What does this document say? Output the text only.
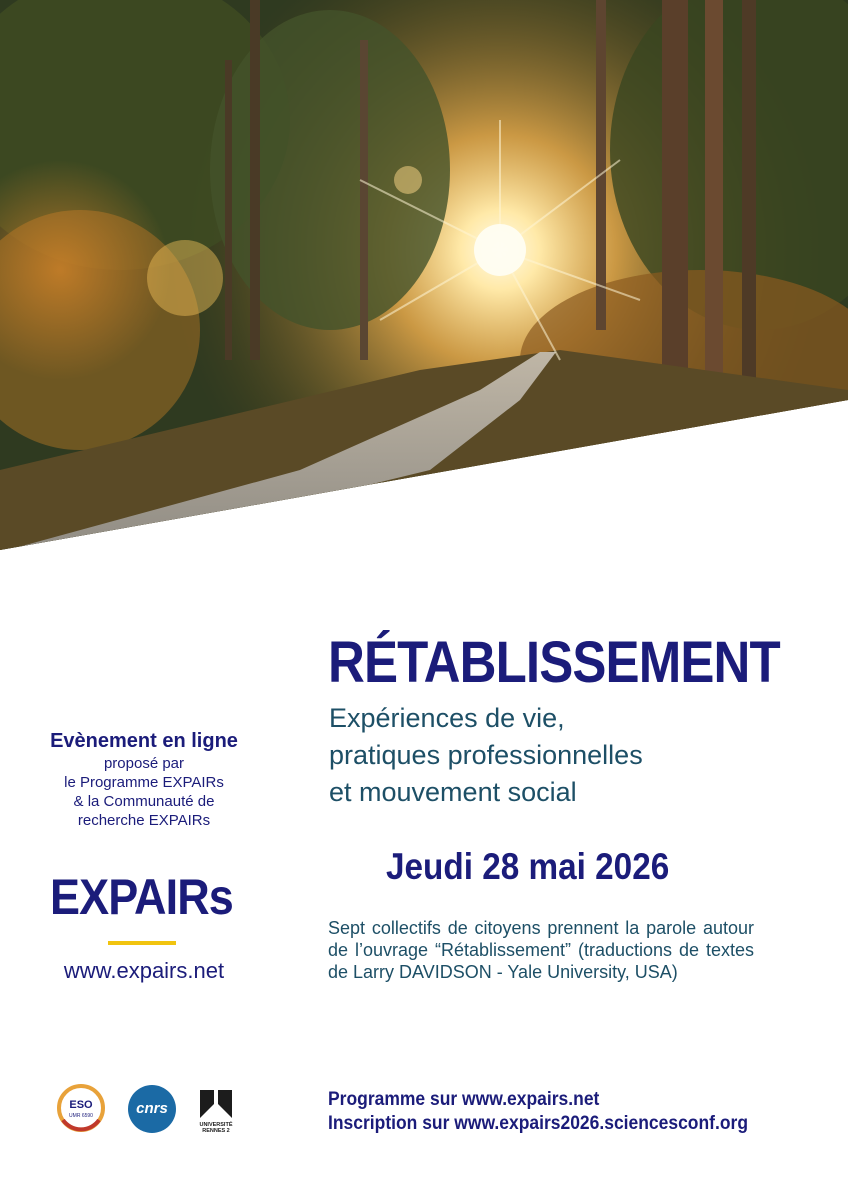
RÉTABLISSEMENT
Expériences de vie,
pratiques professionnelles
et mouvement social
Jeudi 28 mai 2026

Sept collectifs de citoyens prennent la parole autour de l’ouvrage “Rétablissement” (traductions de textes de Larry DAVIDSON - Yale University, USA)

Evènement en ligne
proposé par
le Programme EXPAIRs
& la Communauté de
recherche EXPAIRs
EXPAIRs
www.expairs.net
ESO
UMR 6590	cnrs
UNIVERSITÉ
RENNES 2
Programme sur www.expairs.net
Inscription sur www.expairs2026.sciencesconf.org
